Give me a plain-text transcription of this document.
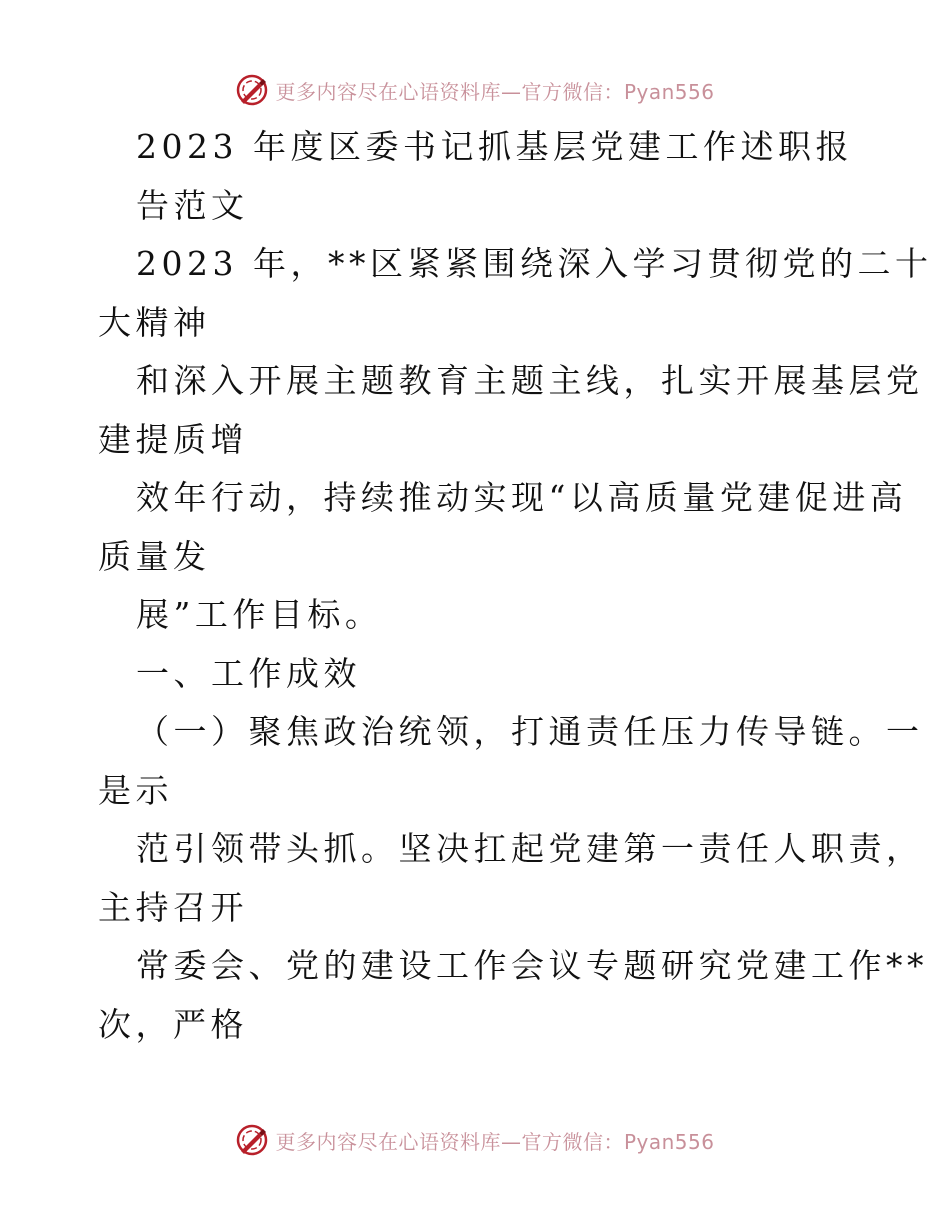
更多内容尽在心语资料库—官方微信：Pyan556
2023 年度区委书记抓基层党建工作述职报
告范文
2023 年，**区紧紧围绕深入学习贯彻党的二十
大精神
和深入开展主题教育主题主线，扎实开展基层党
建提质增
效年行动，持续推动实现“以高质量党建促进高
质量发
展”工作目标。
一、工作成效
（一）聚焦政治统领，打通责任压力传导链。一
是示
范引领带头抓。坚决扛起党建第一责任人职责，
主持召开
常委会、党的建设工作会议专题研究党建工作**
次，严格
更多内容尽在心语资料库—官方微信：Pyan556
